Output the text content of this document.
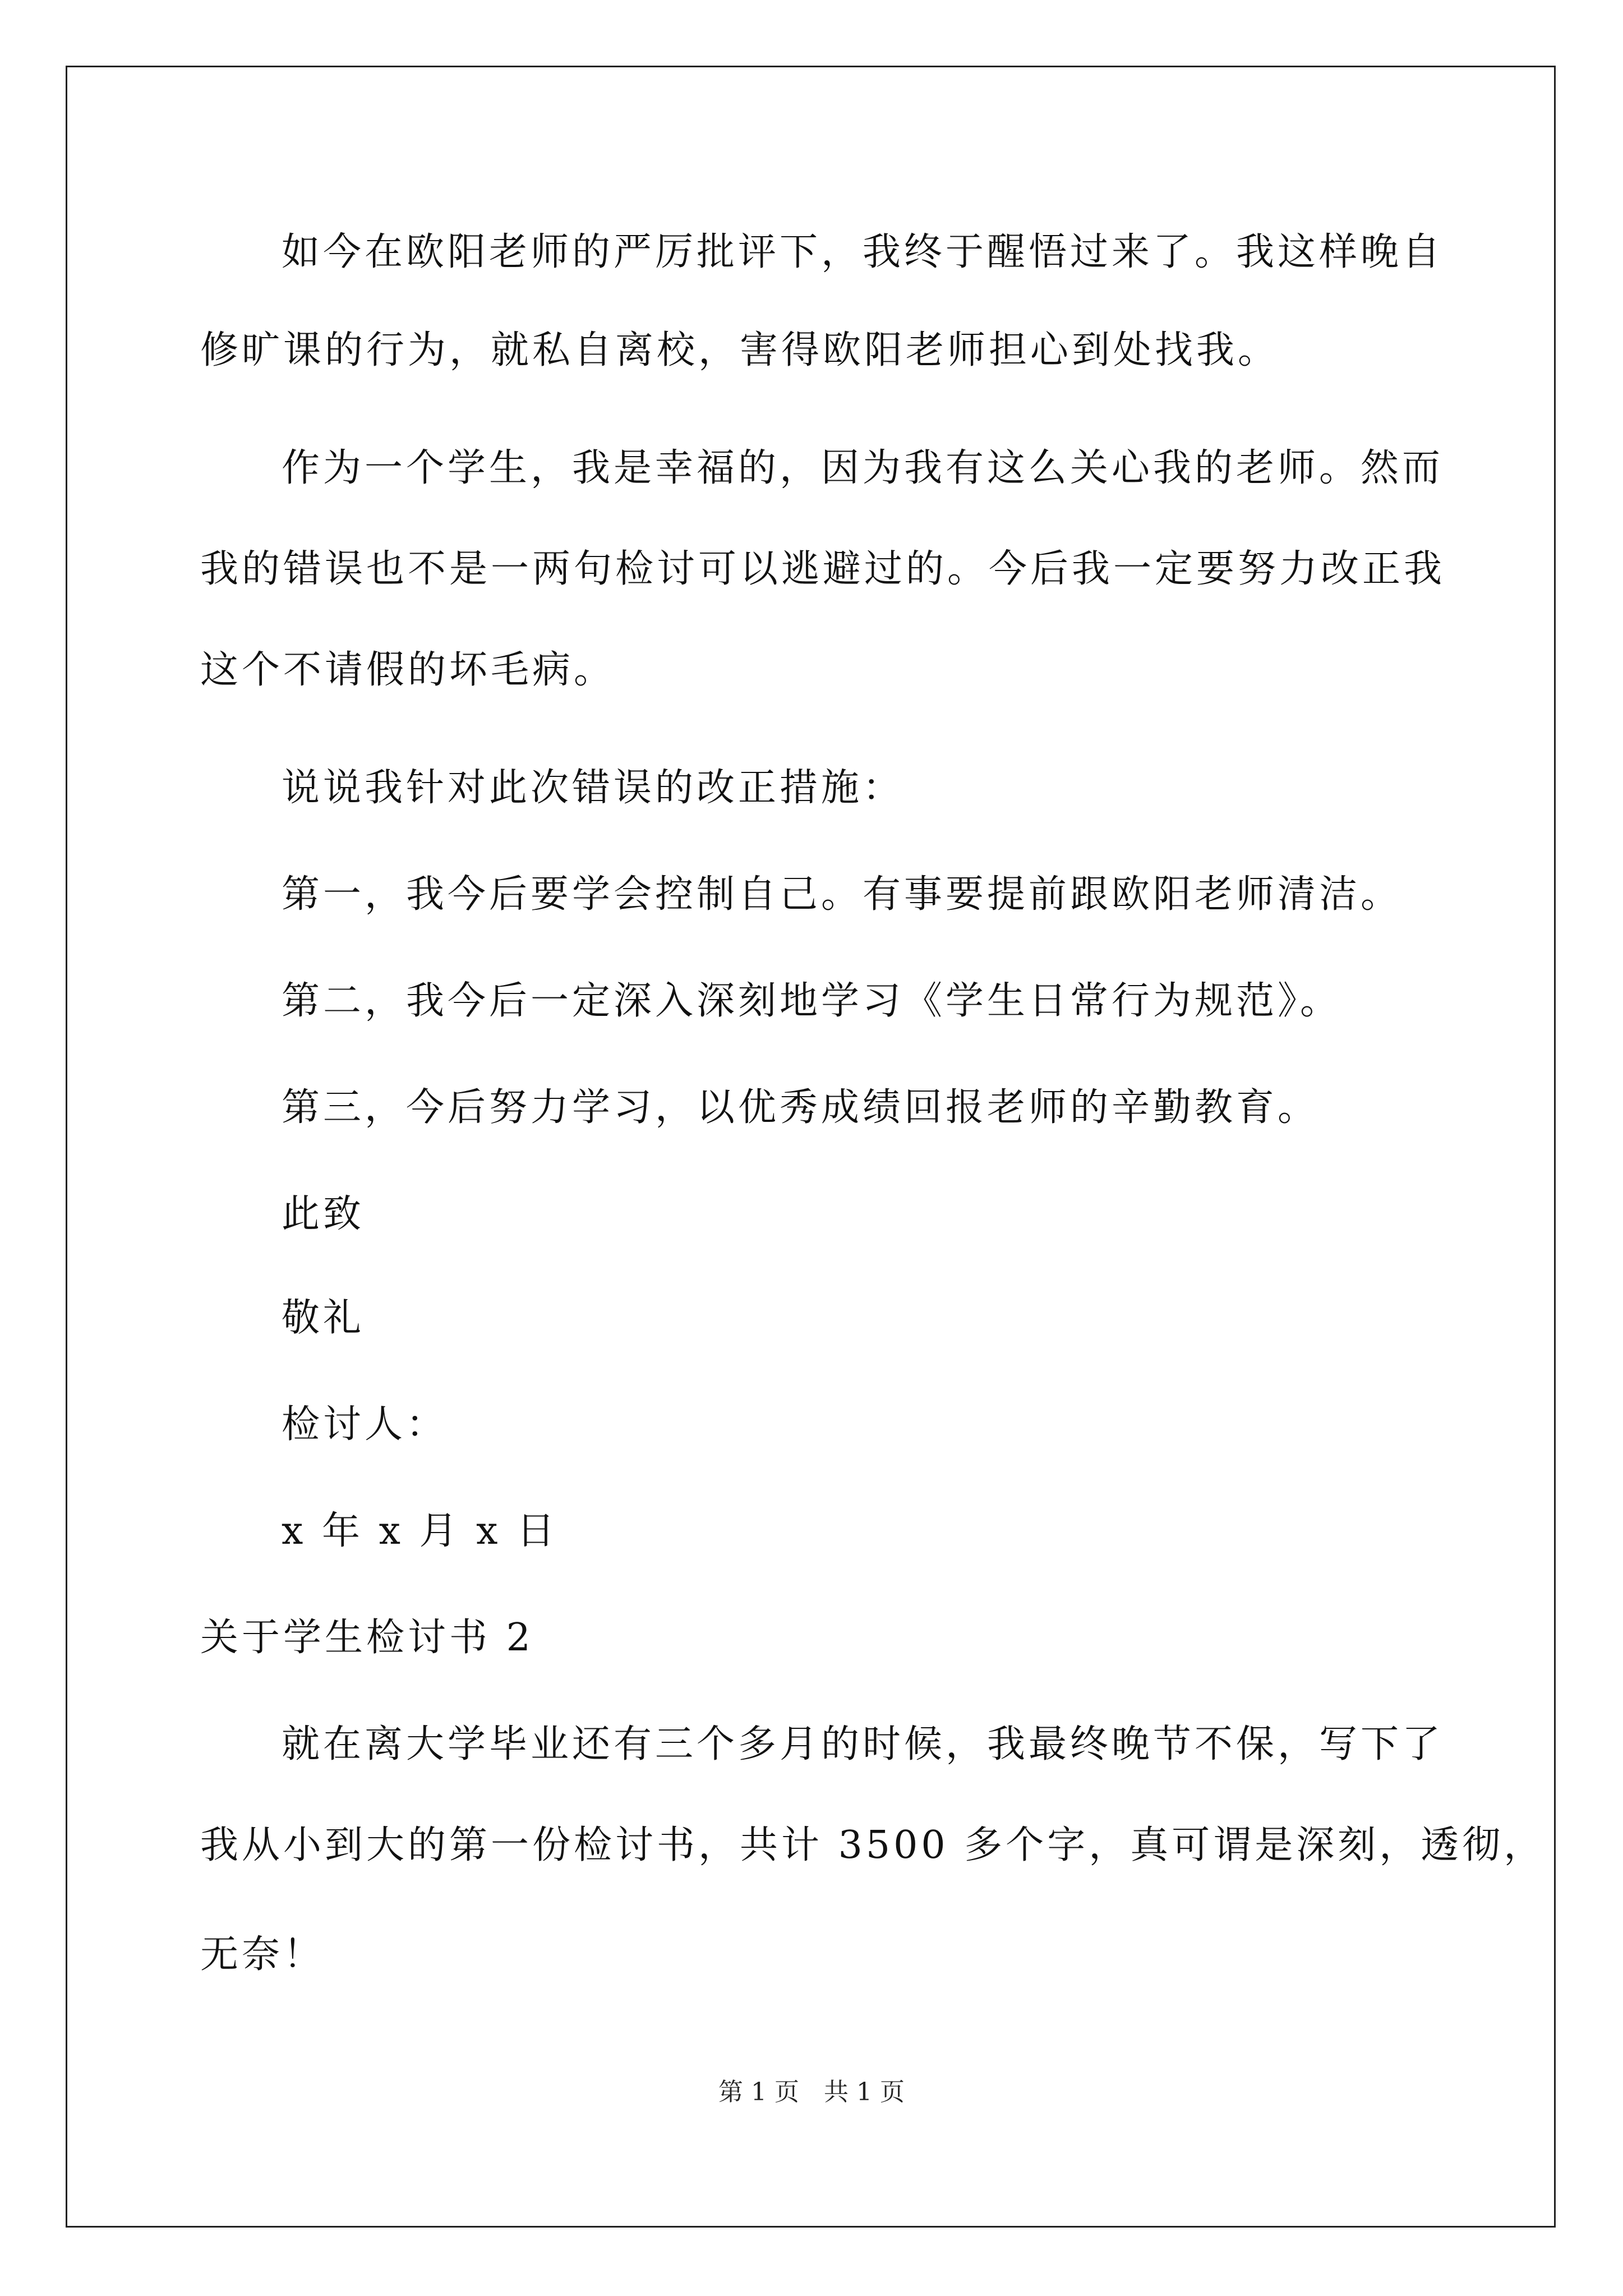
如今在欧阳老师的严厉批评下，我终于醒悟过来了。我这样晚自
修旷课的行为，就私自离校，害得欧阳老师担心到处找我。
作为一个学生，我是幸福的，因为我有这么关心我的老师。然而
我的错误也不是一两句检讨可以逃避过的。今后我一定要努力改正我
这个不请假的坏毛病。
说说我针对此次错误的改正措施：
第一，我今后要学会控制自己。有事要提前跟欧阳老师清洁。
第二，我今后一定深入深刻地学习《学生日常行为规范》。
第三，今后努力学习，以优秀成绩回报老师的辛勤教育。
此致
敬礼
检讨人：
x 年 x 月 x 日
关于学生检讨书 2
就在离大学毕业还有三个多月的时候，我最终晚节不保，写下了
我从小到大的第一份检讨书，共计 3500 多个字，真可谓是深刻，透彻，
无奈！
第 1 页　共 1 页
